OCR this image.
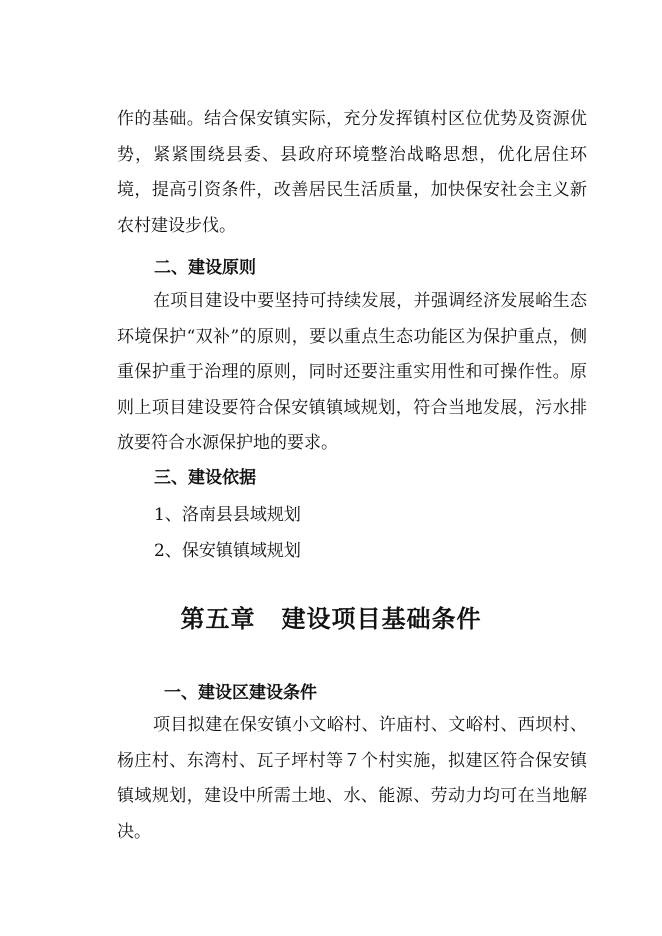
作的基础。结合保安镇实际，充分发挥镇村区位优势及资源优势，紧紧围绕县委、县政府环境整治战略思想，优化居住环境，提高引资条件，改善居民生活质量，加快保安社会主义新农村建设步伐。

二、建设原则

在项目建设中要坚持可持续发展，并强调经济发展峪生态环境保护“双补”的原则，要以重点生态功能区为保护重点，侧重保护重于治理的原则，同时还要注重实用性和可操作性。原则上项目建设要符合保安镇镇域规划，符合当地发展，污水排放要符合水源保护地的要求。

三、建设依据

1、洛南县县域规划

2、保安镇镇域规划

第五章 建设项目基础条件
一、建设区建设条件

项目拟建在保安镇小文峪村、许庙村、文峪村、西坝村、杨庄村、东湾村、瓦子坪村等７个村实施，拟建区符合保安镇镇域规划，建设中所需土地、水、能源、劳动力均可在当地解决。
